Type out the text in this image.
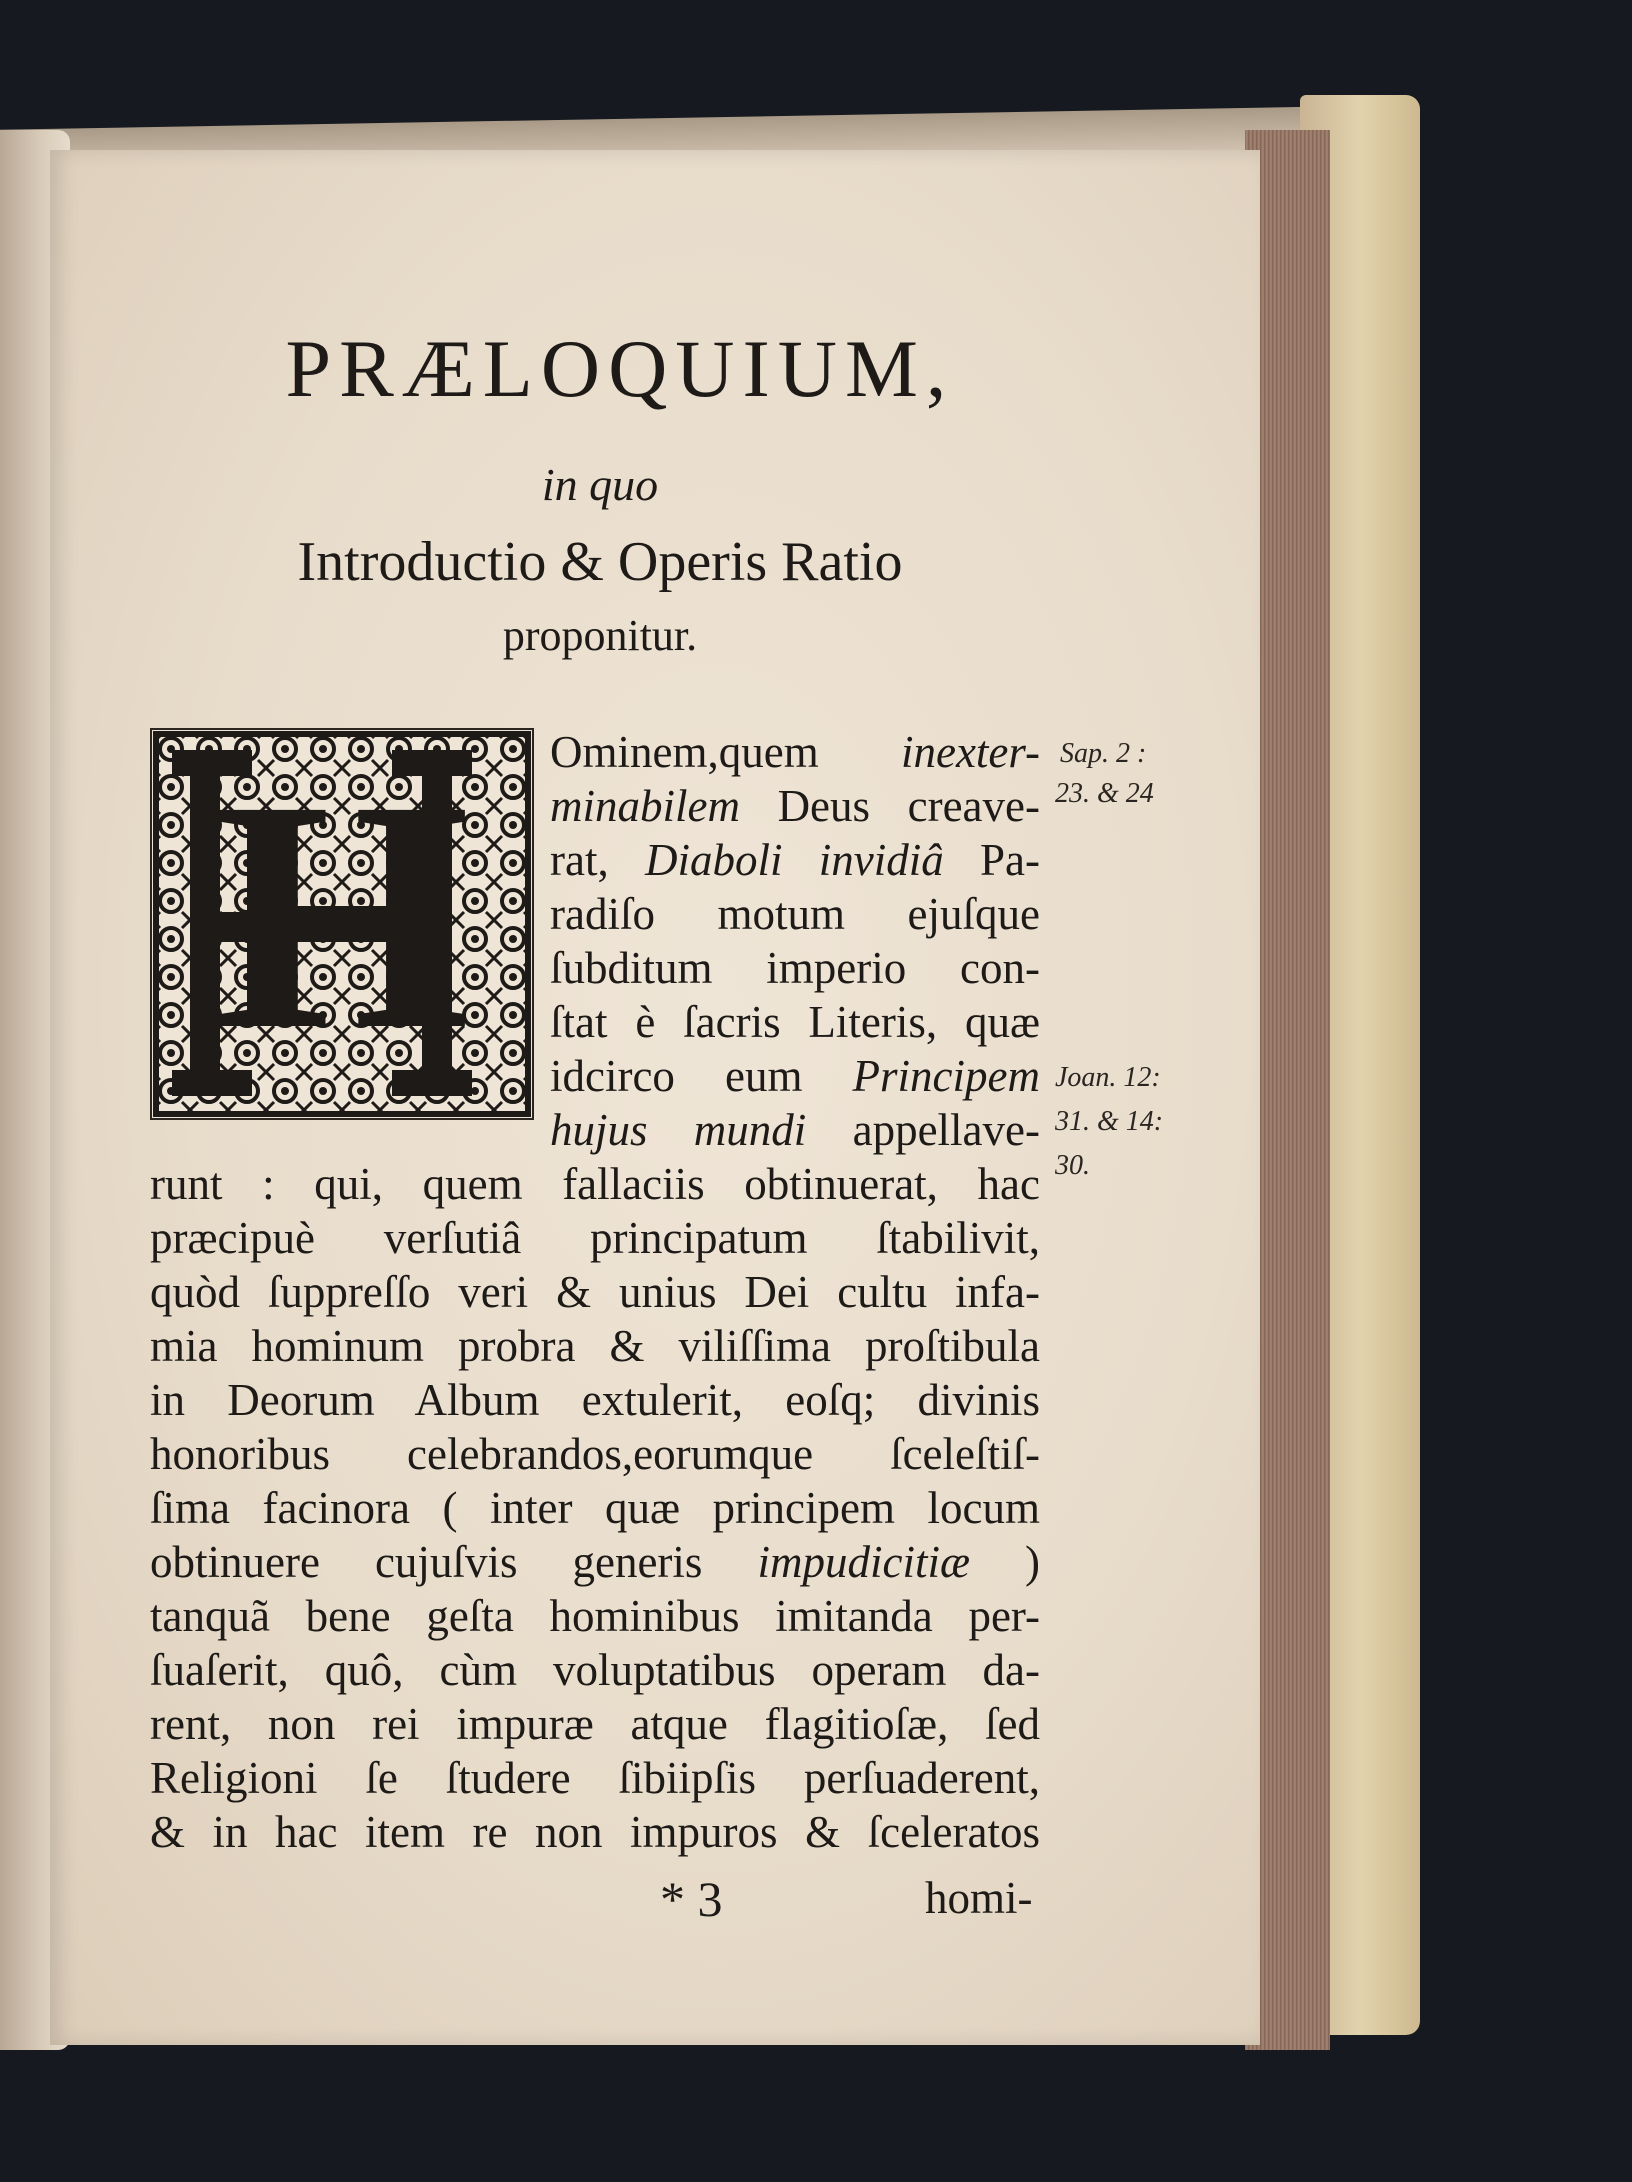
PRÆLOQUIUM,
in quo
Introductio & Operis Ratio
proponitur.
H Ominem,quem inexter-
minabilem Deus creave-
rat, Diaboli invidiâ Pa-
radiſo motum ejuſque
ſubditum imperio con-
ſtat è ſacris Literis, quæ
idcirco eum Principem
hujus mundi appellave-
runt : qui, quem fallaciis obtinuerat, hac
præcipuè verſutiâ principatum ſtabilivit,
quòd ſuppreſſo veri & unius Dei cultu infa-
mia hominum probra & viliſſima proſtibula
in Deorum Album extulerit, eoſq; divinis
honoribus celebrandos,eorumque ſceleſtiſ-
ſima facinora ( inter quæ principem locum
obtinuere cujuſvis generis impudicitiæ )
tanquã bene geſta hominibus imitanda per-
ſuaſerit, quô, cùm voluptatibus operam da-
rent, non rei impuræ atque flagitioſæ, ſed
Religioni ſe ſtudere ſibiipſis perſuaderent,
& in hac item re non impuros & ſceleratos
Sap. 2 :
23. & 24
Joan. 12:
31. & 14:
30.
* 3	homi-
